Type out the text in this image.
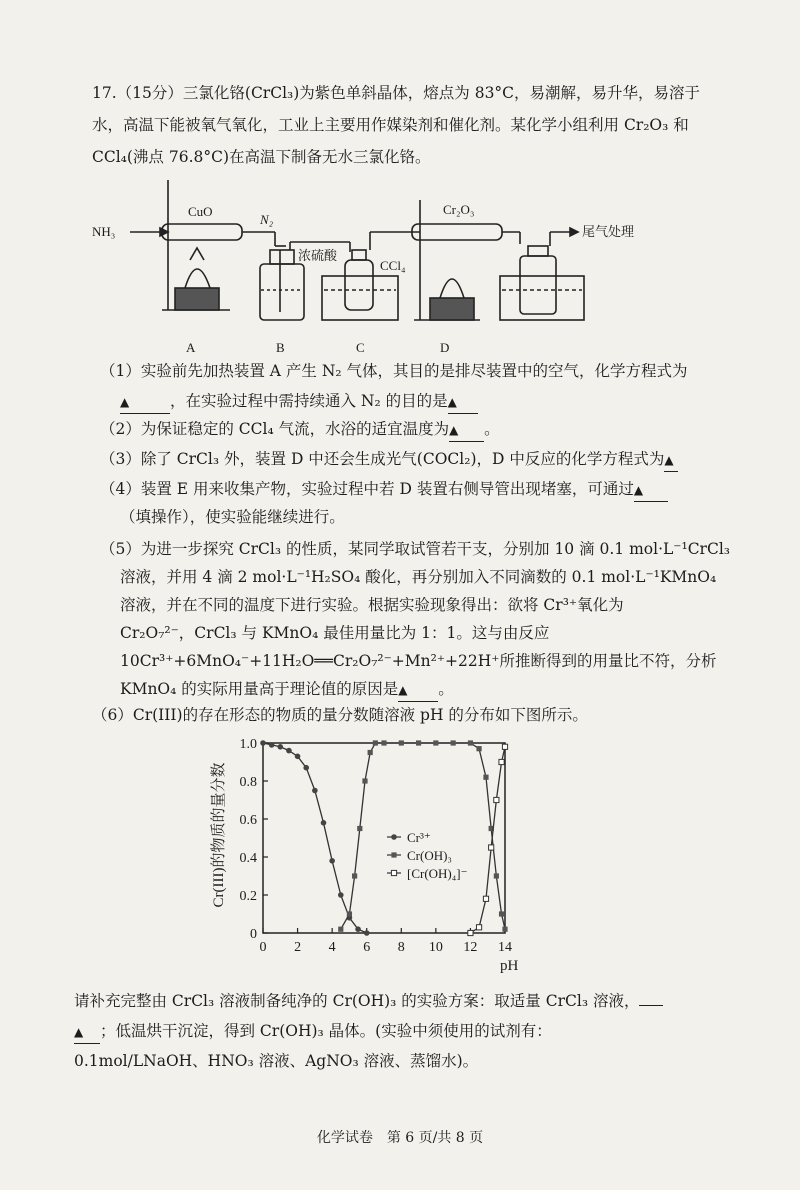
17.（15分）三氯化铬(CrCl₃)为紫色单斜晶体，熔点为 83°C，易潮解，易升华，易溶于
水，高温下能被氧气氧化，工业上主要用作媒染剂和催化剂。某化学小组利用 Cr₂O₃ 和
CCl₄(沸点 76.8°C)在高温下制备无水三氯化铬。
NH₃
CuO
N₂
浓硫酸
CCl₄
Cr₂O₃
尾气处理
A	B	C	D
（1）实验前先加热装置 A 产生 N₂ 气体，其目的是排尽装置中的空气，化学方程式为
▲	，在实验过程中需持续通入 N₂ 的目的是▲
（2）为保证稳定的 CCl₄ 气流，水浴的适宜温度为▲ 。
（3）除了 CrCl₃ 外，装置 D 中还会生成光气(COCl₂)，D 中反应的化学方程式为▲
（4）装置 E 用来收集产物，实验过程中若 D 装置右侧导管出现堵塞，可通过▲
（填操作），使实验能继续进行。
（5）为进一步探究 CrCl₃ 的性质，某同学取试管若干支，分别加 10 滴 0.1 mol·L⁻¹CrCl₃
溶液，并用 4 滴 2 mol·L⁻¹H₂SO₄ 酸化，再分别加入不同滴数的 0.1 mol·L⁻¹KMnO₄
溶液，并在不同的温度下进行实验。根据实验现象得出：欲将 Cr³⁺氧化为
Cr₂O₇²⁻，CrCl₃ 与 KMnO₄ 最佳用量比为 1：1。这与由反应
10Cr³⁺+6MnO₄⁻+11H₂O══Cr₂O₇²⁻+Mn²⁺+22H⁺所推断得到的用量比不符，分析
KMnO₄ 的实际用量高于理论值的原因是▲ 。
（6）Cr(III)的存在形态的物质的量分数随溶液 pH 的分布如下图所示。
0 2 4 6 8 10 12 14
0
0.2
0.4
0.6
0.8
1.0
Cr³⁺
Cr(OH)₃
[Cr(OH)₄]⁻
Cr(III)的物质的量分数
pH
请补充完整由 CrCl₃ 溶液制备纯净的 Cr(OH)₃ 的实验方案：取适量 CrCl₃ 溶液，
▲ ；低温烘干沉淀，得到 Cr(OH)₃ 晶体。(实验中须使用的试剂有：
0.1mol/LNaOH、HNO₃ 溶液、AgNO₃ 溶液、蒸馏水)。
化学试卷　第 6 页/共 8 页
